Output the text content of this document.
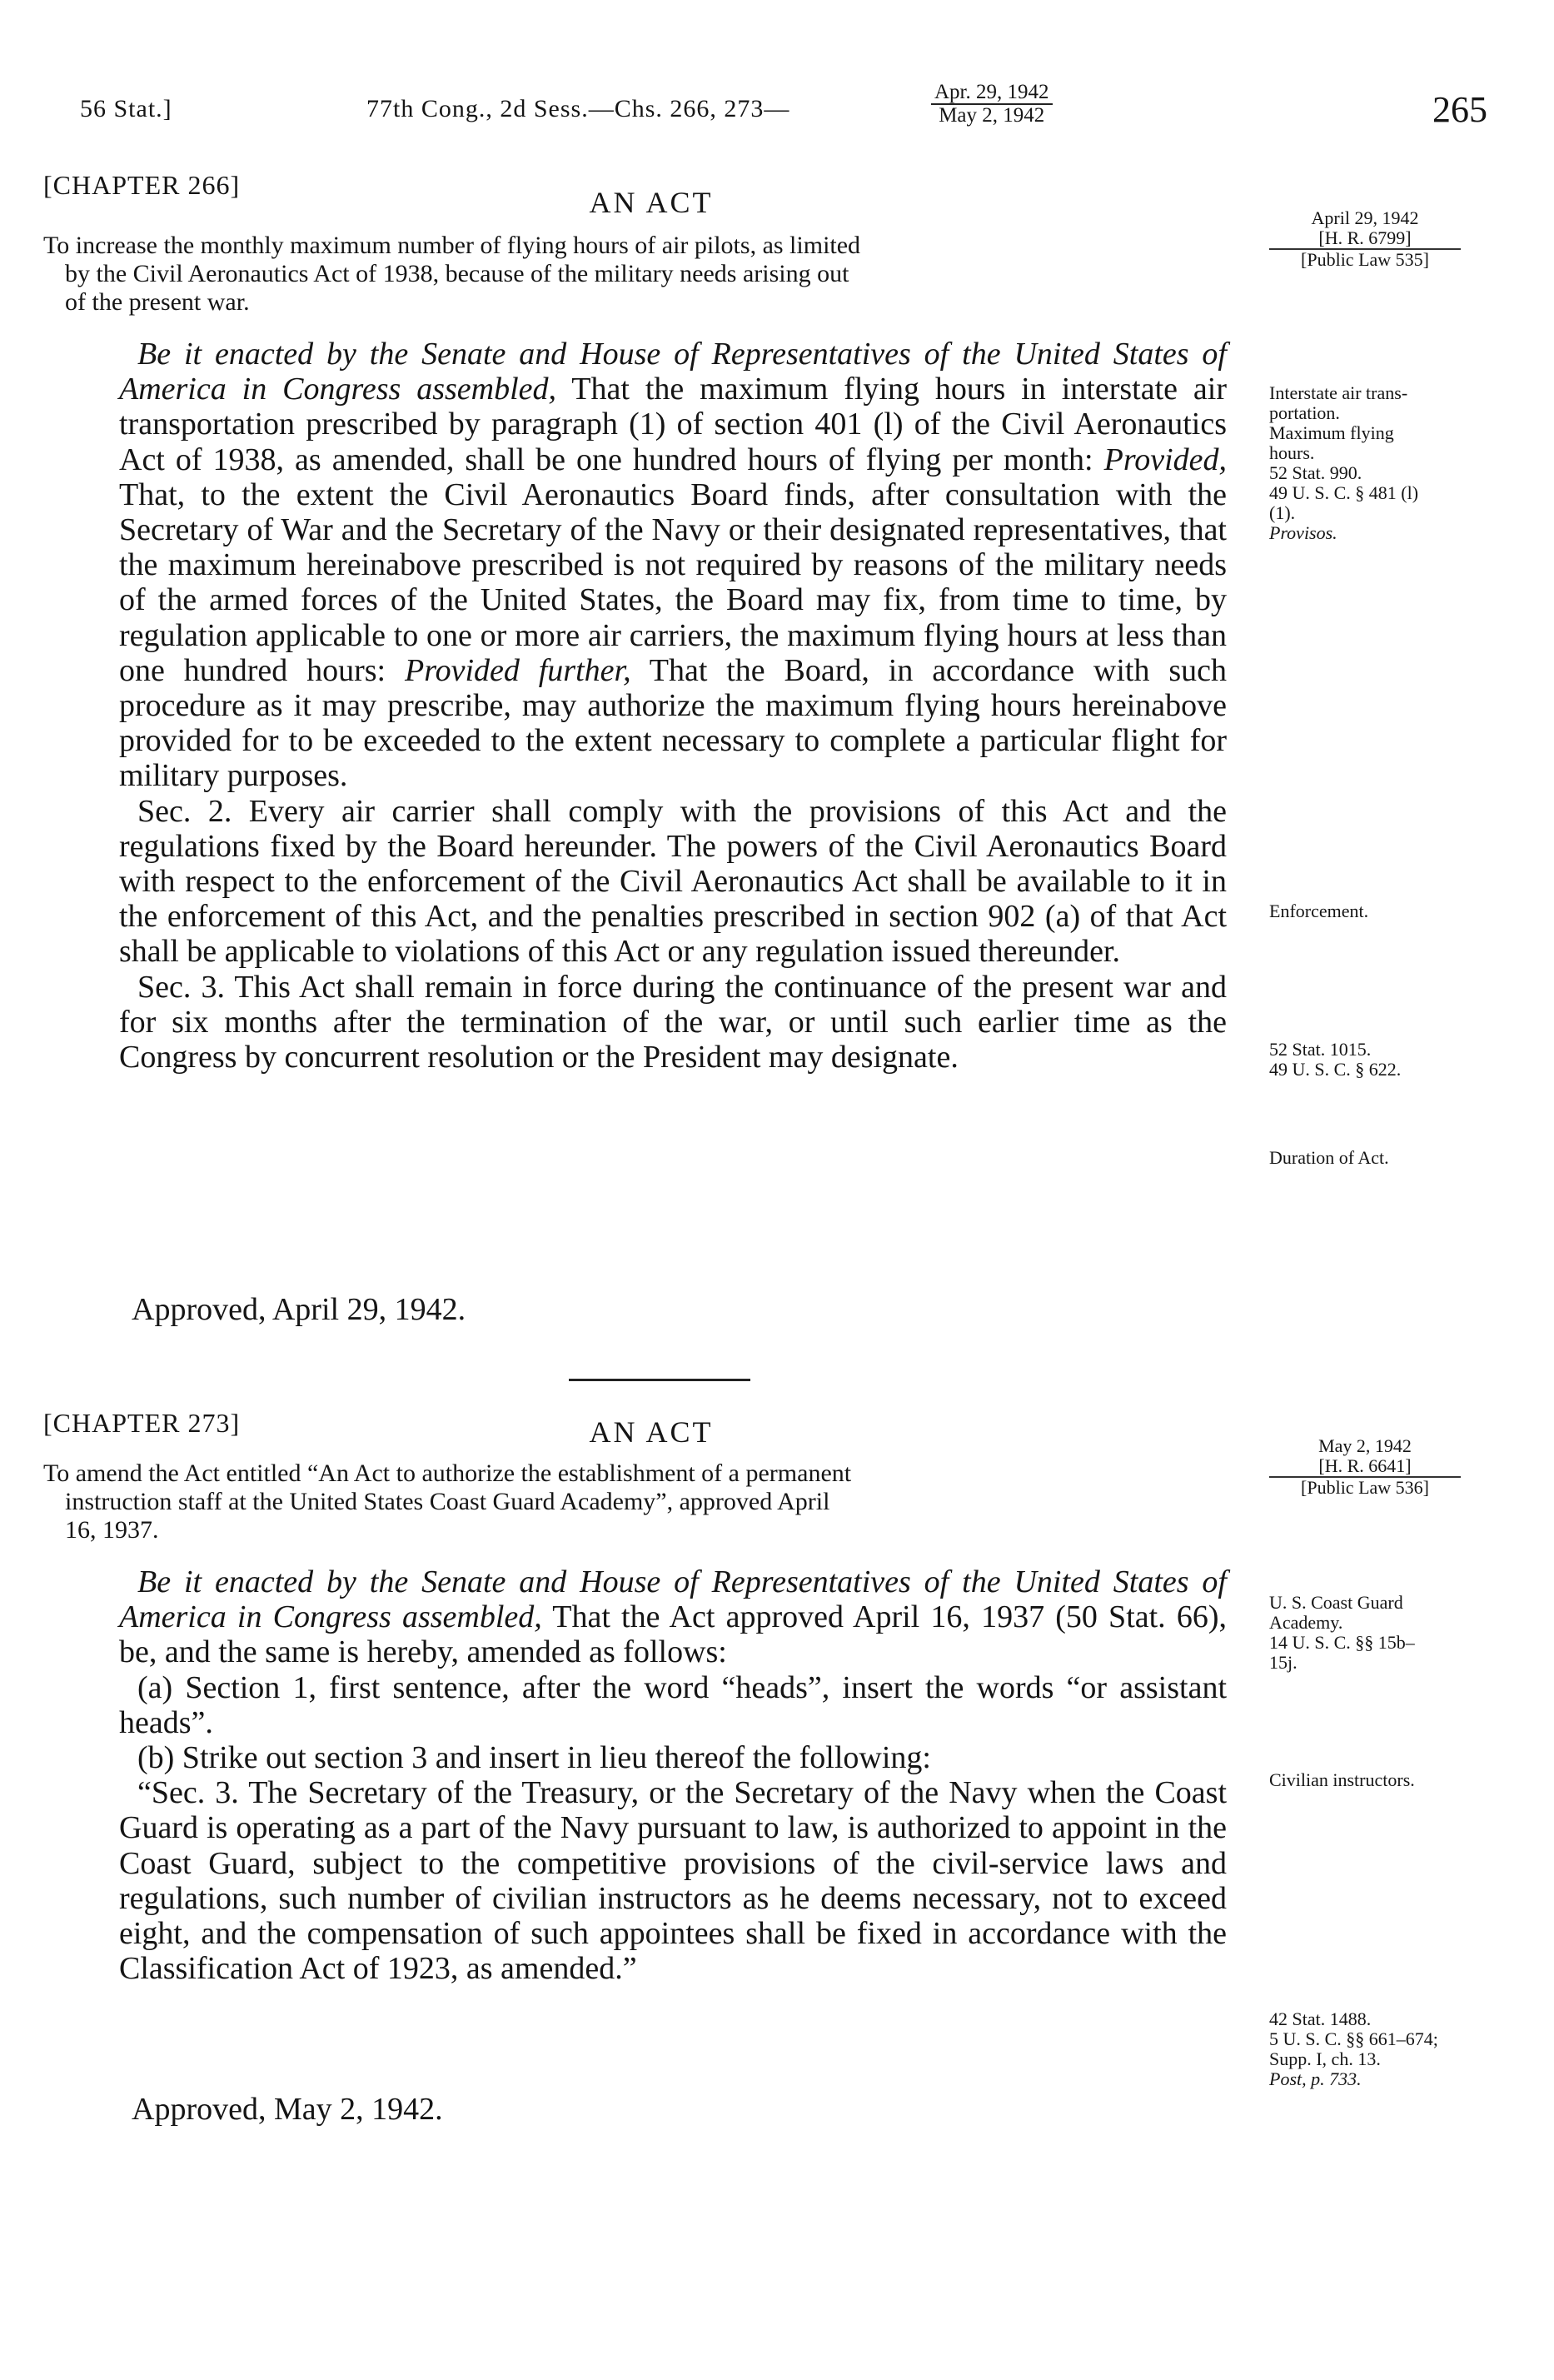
56 Stat.]	77th Cong., 2d Sess.—Chs. 266, 273—
Apr. 29, 1942
May 2, 1942	265
[CHAPTER 266]
AN ACT
To increase the monthly maximum number of flying hours of air pilots, as limited
by the Civil Aeronautics Act of 1938, because of the military needs arising out
of the present war.
April 29, 1942
[H. R. 6799]
[Public Law 535]

Be it enacted by the Senate and House of Representatives of the United States of America in Congress assembled, That the maximum flying hours in interstate air transportation prescribed by paragraph (1) of section 401 (l) of the Civil Aeronautics Act of 1938, as amended, shall be one hundred hours of flying per month: Provided, That, to the extent the Civil Aeronautics Board finds, after consultation with the Secretary of War and the Secretary of the Navy or their designated representatives, that the maximum hereinabove prescribed is not required by reasons of the military needs of the armed forces of the United States, the Board may fix, from time to time, by regulation applicable to one or more air carriers, the maximum flying hours at less than one hundred hours: Provided further, That the Board, in accordance with such procedure as it may prescribe, may authorize the maximum flying hours hereinabove provided for to be exceeded to the extent necessary to complete a particular flight for military purposes.

Sec. 2. Every air carrier shall comply with the provisions of this Act and the regulations fixed by the Board hereunder. The powers of the Civil Aeronautics Board with respect to the enforcement of the Civil Aeronautics Act shall be available to it in the enforcement of this Act, and the penalties prescribed in section 902 (a) of that Act shall be applicable to violations of this Act or any regulation issued thereunder.

Sec. 3. This Act shall remain in force during the continuance of the present war and for six months after the termination of the war, or until such earlier time as the Congress by concurrent resolution or the President may designate.

Approved, April 29, 1942.
Interstate air trans-
portation.
Maximum flying
hours.
52 Stat. 990.
49 U. S. C. § 481 (l)
(1).
Provisos.
Enforcement.
52 Stat. 1015.
49 U. S. C. § 622.
Duration of Act.
[CHAPTER 273]	AN ACT
To amend the Act entitled “An Act to authorize the establishment of a permanent
instruction staff at the United States Coast Guard Academy”, approved April
16, 1937.
May 2, 1942
[H. R. 6641]
[Public Law 536]

Be it enacted by the Senate and House of Representatives of the United States of America in Congress assembled, That the Act approved April 16, 1937 (50 Stat. 66), be, and the same is hereby, amended as follows:

(a) Section 1, first sentence, after the word “heads”, insert the words “or assistant heads”.

(b) Strike out section 3 and insert in lieu thereof the following:

“Sec. 3. The Secretary of the Treasury, or the Secretary of the Navy when the Coast Guard is operating as a part of the Navy pursuant to law, is authorized to appoint in the Coast Guard, subject to the competitive provisions of the civil-service laws and regulations, such number of civilian instructors as he deems necessary, not to exceed eight, and the compensation of such appointees shall be fixed in accordance with the Classification Act of 1923, as amended.”

Approved, May 2, 1942.
U. S. Coast Guard
Academy.
14 U. S. C. §§ 15b–
15j.
Civilian instructors.
42 Stat. 1488.
5 U. S. C. §§ 661–674;
Supp. I, ch. 13.
Post, p. 733.
